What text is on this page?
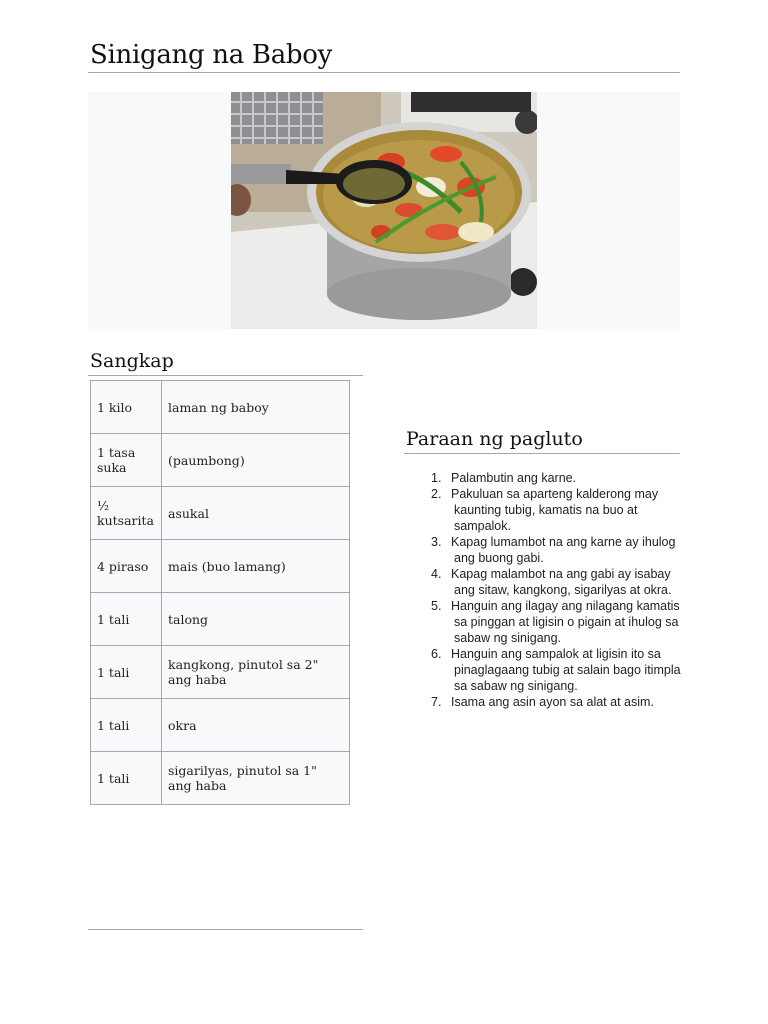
Sinigang na Baboy
Sangkap
1 kilo	laman ng baboy
1 tasa suka	(paumbong)
½ kutsarita	asukal
4 piraso	mais (buo lamang)
1 tali	talong
1 tali	kangkong, pinutol sa 2" ang haba
1 tali	okra
1 tali	sigarilyas, pinutol sa 1" ang haba
Paraan ng pagluto
1. Palambutin ang karne.
2. Pakuluan sa aparteng kalderong may kaunting tubig, kamatis na buo at sampalok.
3. Kapag lumambot na ang karne ay ihulog ang buong gabi.
4. Kapag malambot na ang gabi ay isabay ang sitaw, kangkong, sigarilyas at okra.
5. Hanguin ang ilagay ang nilagang kamatis sa pinggan at ligisin o pigain at ihulog sa sabaw ng sinigang.
6. Hanguin ang sampalok at ligisin ito sa pinaglagaang tubig at salain bago itimpla sa sabaw ng sinigang.
7. Isama ang asin ayon sa alat at asim.
